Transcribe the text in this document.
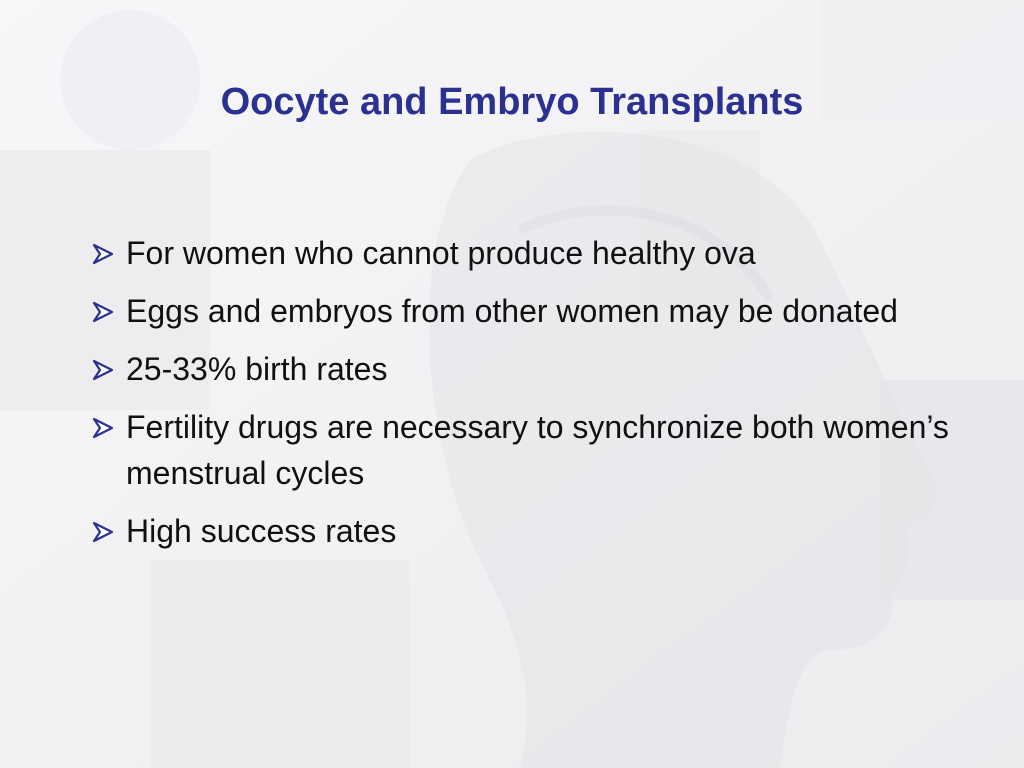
Oocyte and Embryo Transplants
For women who cannot produce healthy ova
Eggs and embryos from other women may be donated
25-33% birth rates
Fertility drugs are necessary to synchronize both women’s menstrual cycles
High success rates
